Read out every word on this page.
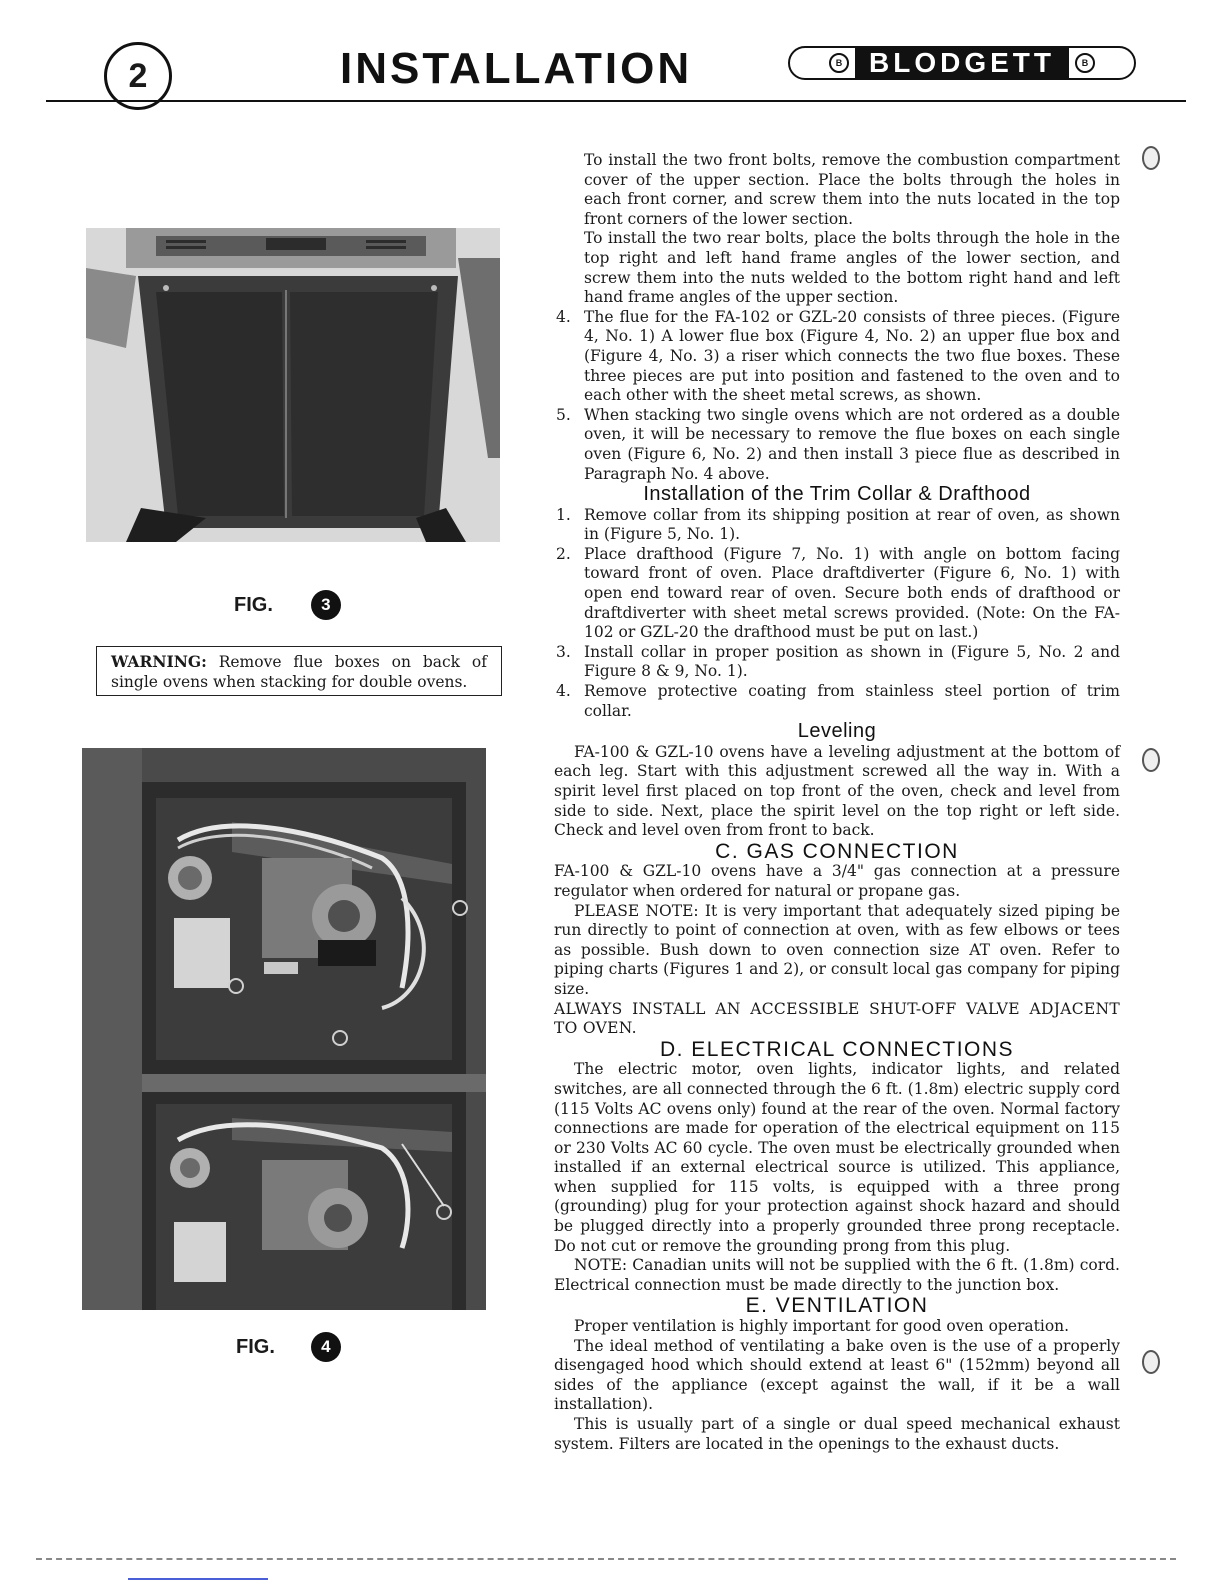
2	INSTALLATION	B BLODGETT	B
FIG.	3
WARNING: Remove flue boxes on back of single ovens when stacking for double ovens.
FIG.	4

To install the two front bolts, remove the combustion compartment cover of the upper section. Place the bolts through the holes in each front corner, and screw them into the nuts located in the top front corners of the lower section.

To install the two rear bolts, place the bolts through the hole in the top right and left hand frame angles of the lower section, and screw them into the nuts welded to the bottom right hand and left hand frame angles of the upper section.

4. The flue for the FA-102 or GZL-20 consists of three pieces. (Figure 4, No. 1) A lower flue box (Figure 4, No. 2) an upper flue box and (Figure 4, No. 3) a riser which connects the two flue boxes. These three pieces are put into position and fastened to the oven and to each other with the sheet metal screws, as shown.
5. When stacking two single ovens which are not ordered as a double oven, it will be necessary to remove the flue boxes on each single oven (Figure 6, No. 2) and then install 3 piece flue as described in Paragraph No. 4 above.
Installation of the Trim Collar & Drafthood
1. Remove collar from its shipping position at rear of oven, as shown in (Figure 5, No. 1).
2. Place drafthood (Figure 7, No. 1) with angle on bottom facing toward front of oven. Place draftdiverter (Figure 6, No. 1) with open end toward rear of oven. Secure both ends of drafthood or draftdiverter with sheet metal screws provided. (Note: On the FA-102 or GZL-20 the drafthood must be put on last.)
3. Install collar in proper position as shown in (Figure 5, No. 2 and Figure 8 & 9, No. 1).
4. Remove protective coating from stainless steel portion of trim collar.
Leveling

FA-100 & GZL-10 ovens have a leveling adjustment at the bottom of each leg. Start with this adjustment screwed all the way in. With a spirit level first placed on top front of the oven, check and level from side to side. Next, place the spirit level on the top right or left side. Check and level oven from front to back.

C. GAS CONNECTION

FA-100 & GZL-10 ovens have a 3/4" gas connection at a pressure regulator when ordered for natural or propane gas.

PLEASE NOTE: It is very important that adequately sized piping be run directly to point of connection at oven, with as few elbows or tees as possible. Bush down to oven connection size AT oven. Refer to piping charts (Figures 1 and 2), or consult local gas company for piping size.

ALWAYS INSTALL AN ACCESSIBLE SHUT-OFF VALVE ADJACENT TO OVEN.

D. ELECTRICAL CONNECTIONS

The electric motor, oven lights, indicator lights, and related switches, are all connected through the 6 ft. (1.8m) electric supply cord (115 Volts AC ovens only) found at the rear of the oven. Normal factory connections are made for operation of the electrical equipment on 115 or 230 Volts AC 60 cycle. The oven must be electrically grounded when installed if an external electrical source is utilized. This appliance, when supplied for 115 volts, is equipped with a three prong (grounding) plug for your protection against shock hazard and should be plugged directly into a properly grounded three prong receptacle. Do not cut or remove the grounding prong from this plug.

NOTE: Canadian units will not be supplied with the 6 ft. (1.8m) cord. Electrical connection must be made directly to the junction box.

E. VENTILATION

Proper ventilation is highly important for good oven operation.

The ideal method of ventilating a bake oven is the use of a properly disengaged hood which should extend at least 6" (152mm) beyond all sides of the appliance (except against the wall, if it be a wall installation).

This is usually part of a single or dual speed mechanical exhaust system. Filters are located in the openings to the exhaust ducts.
